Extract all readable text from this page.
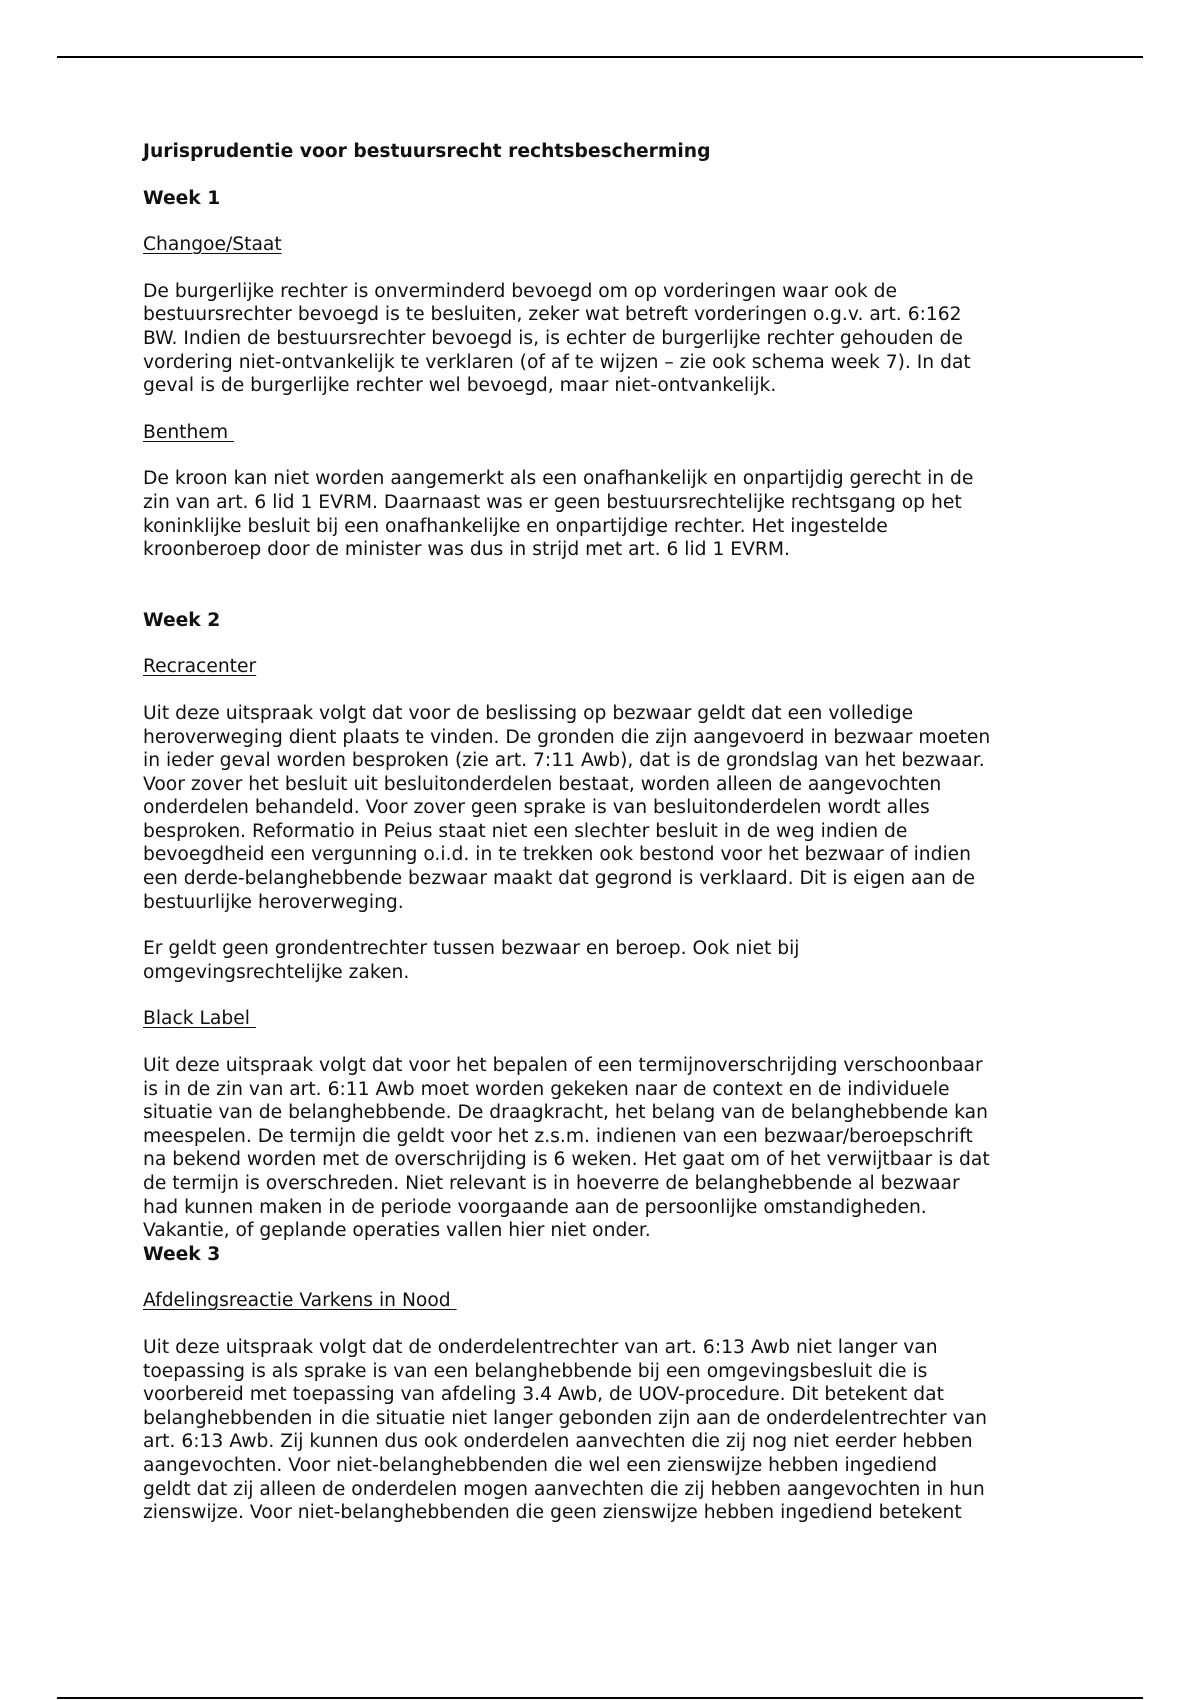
Jurisprudentie voor bestuursrecht rechtsbescherming
Week 1
Changoe/Staat
De burgerlijke rechter is onverminderd bevoegd om op vorderingen waar ook de
bestuursrechter bevoegd is te besluiten, zeker wat betreft vorderingen o.g.v. art. 6:162
BW. Indien de bestuursrechter bevoegd is, is echter de burgerlijke rechter gehouden de
vordering niet-ontvankelijk te verklaren (of af te wijzen – zie ook schema week 7). In dat
geval is de burgerlijke rechter wel bevoegd, maar niet-ontvankelijk.
Benthem
De kroon kan niet worden aangemerkt als een onafhankelijk en onpartijdig gerecht in de
zin van art. 6 lid 1 EVRM. Daarnaast was er geen bestuursrechtelijke rechtsgang op het
koninklijke besluit bij een onafhankelijke en onpartijdige rechter. Het ingestelde
kroonberoep door de minister was dus in strijd met art. 6 lid 1 EVRM.
Week 2
Recracenter
Uit deze uitspraak volgt dat voor de beslissing op bezwaar geldt dat een volledige
heroverweging dient plaats te vinden. De gronden die zijn aangevoerd in bezwaar moeten
in ieder geval worden besproken (zie art. 7:11 Awb), dat is de grondslag van het bezwaar.
Voor zover het besluit uit besluitonderdelen bestaat, worden alleen de aangevochten
onderdelen behandeld. Voor zover geen sprake is van besluitonderdelen wordt alles
besproken. Reformatio in Peius staat niet een slechter besluit in de weg indien de
bevoegdheid een vergunning o.i.d. in te trekken ook bestond voor het bezwaar of indien
een derde-belanghebbende bezwaar maakt dat gegrond is verklaard. Dit is eigen aan de
bestuurlijke heroverweging.
Er geldt geen grondentrechter tussen bezwaar en beroep. Ook niet bij
omgevingsrechtelijke zaken.
Black Label
Uit deze uitspraak volgt dat voor het bepalen of een termijnoverschrijding verschoonbaar
is in de zin van art. 6:11 Awb moet worden gekeken naar de context en de individuele
situatie van de belanghebbende. De draagkracht, het belang van de belanghebbende kan
meespelen. De termijn die geldt voor het z.s.m. indienen van een bezwaar/beroepschrift
na bekend worden met de overschrijding is 6 weken. Het gaat om of het verwijtbaar is dat
de termijn is overschreden. Niet relevant is in hoeverre de belanghebbende al bezwaar
had kunnen maken in de periode voorgaande aan de persoonlijke omstandigheden.
Vakantie, of geplande operaties vallen hier niet onder.
Week 3
Afdelingsreactie Varkens in Nood
Uit deze uitspraak volgt dat de onderdelentrechter van art. 6:13 Awb niet langer van
toepassing is als sprake is van een belanghebbende bij een omgevingsbesluit die is
voorbereid met toepassing van afdeling 3.4 Awb, de UOV-procedure. Dit betekent dat
belanghebbenden in die situatie niet langer gebonden zijn aan de onderdelentrechter van
art. 6:13 Awb. Zij kunnen dus ook onderdelen aanvechten die zij nog niet eerder hebben
aangevochten. Voor niet-belanghebbenden die wel een zienswijze hebben ingediend
geldt dat zij alleen de onderdelen mogen aanvechten die zij hebben aangevochten in hun
zienswijze. Voor niet-belanghebbenden die geen zienswijze hebben ingediend betekent
